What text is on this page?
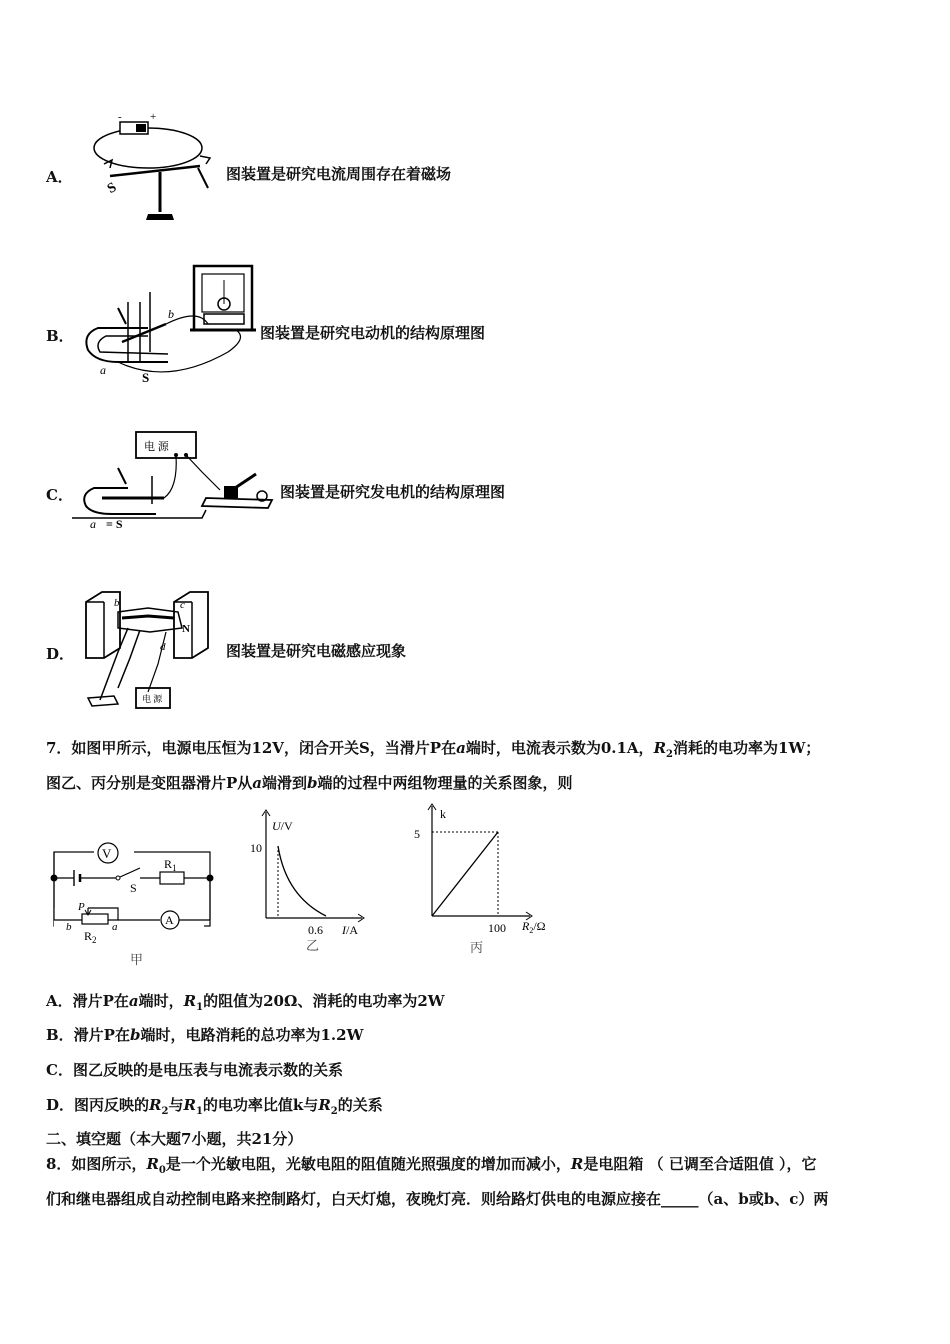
-	+
S
A．	图装置是研究电流周围存在着磁场
a
b
S
B．	图装置是研究电动机的结构原理图
电 源
a = S
C．	图装置是研究发电机的结构原理图
b	c
d
N
电 源
D．	图装置是研究电磁感应现象
7．如图甲所示，电源电压恒为12V，闭合开关S，当滑片P在a端时，电流表示数为0.1A，$R_2$消耗的电功率为1W；
图乙、丙分别是变阻器滑片P从a端滑到b端的过程中两组物理量的关系图象，则
V
S
$R_1$
A
P
b	a
$R_2$
甲
U/V
10
0.6 I/A
乙
k
5
100 $R_2/\Omega$
丙
A．滑片P在a端时，$R_1$的阻值为20Ω、消耗的电功率为2W
B．滑片P在b端时，电路消耗的总功率为1.2W
C．图乙反映的是电压表与电流表示数的关系
D．图丙反映的$R_2$与$R_1$的电功率比值k与$R_2$的关系
二、填空题（本大题7小题，共21分）
8．如图所示，$R_0$是一个光敏电阻，光敏电阻的阻值随光照强度的增加而减小，R是电阻箱 （ 已调至合适阻值 ），它
们和继电器组成自动控制电路来控制路灯，白天灯熄，夜晚灯亮．则给路灯供电的电源应接在_____（a、b或b、c）两
